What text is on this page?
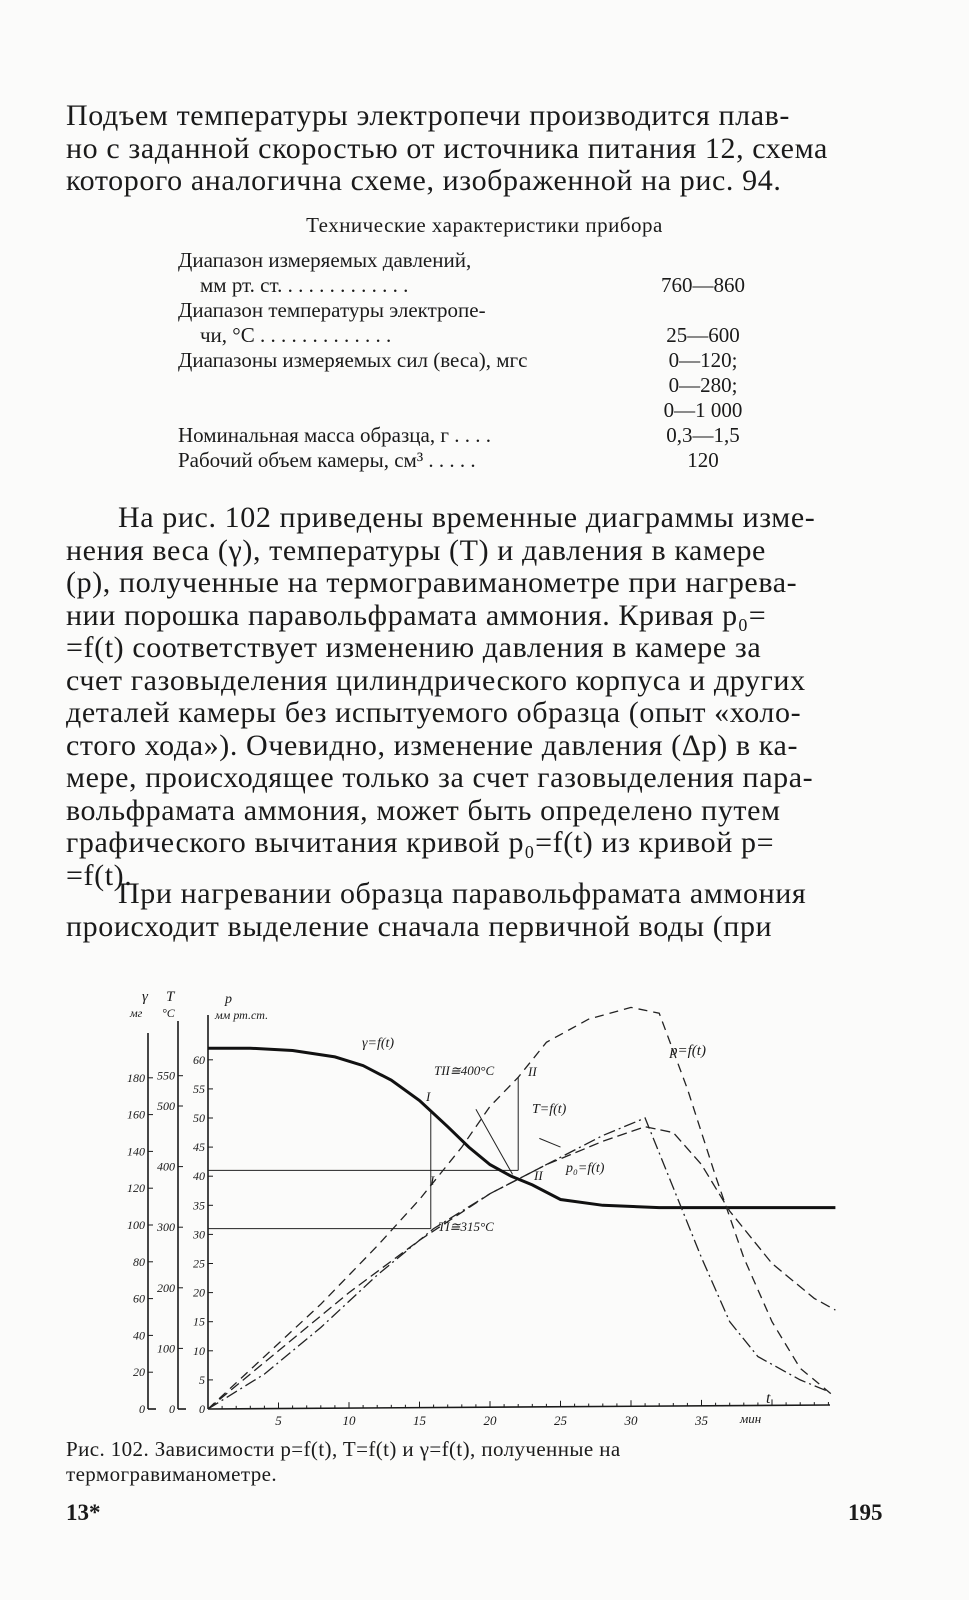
Подъем температуры электропечи производится плав-
но с заданной скоростью от источника питания 12, схема
которого аналогична схеме, изображенной на рис. 94.

Технические характеристики прибора

Диапазон измеряемых давлений,
мм рт. ст. . . . . . . . . . . . .	760—860
Диапазон температуры электропе-
чи, °С . . . . . . . . . . . . .	25—600
Диапазоны измеряемых сил (веса), мгс

	0—120;
0—280;
0—1 000
Номинальная масса образца, г . . . .	0,3—1,5
Рабочий объем камеры, см³ . . . . .	120
На рис. 102 приведены временные диаграммы изме-
нения веса (γ), температуры (T) и давления в камере
(p), полученные на термогравиманометре при нагрева-
нии порошка паравольфрамата аммония. Кривая p₀=
=f(t) соответствует изменению давления в камере за
счет газовыделения цилиндрического корпуса и других
деталей камеры без испытуемого образца (опыт «холо-
стого хода»). Очевидно, изменение давления (Δp) в ка-
мере, происходящее только за счет газовыделения пара-
вольфрамата аммония, может быть определено путем
графического вычитания кривой p₀=f(t) из кривой p=
=f(t).
При нагревании образца паравольфрамата аммония
происходит выделение сначала первичной воды (при
γ
мг
T
°C
p
мм рт.ст.
0
20
40
60
80
100
120
140
160
180
0
100
200
300
400
500
550
0
5
10
15
20
25
30
35
40
45
50
55
60
5	10	15	20	25	30	35
γ=f(t)	p=f(t)
T=f(t)
p₀=f(t)
TII≅400°C
TI≅315°C
I
I
II
II
t
мин

Рис. 102. Зависимости p=f(t), T=f(t) и γ=f(t), полученные на
термогравиманометре.

13*	195
